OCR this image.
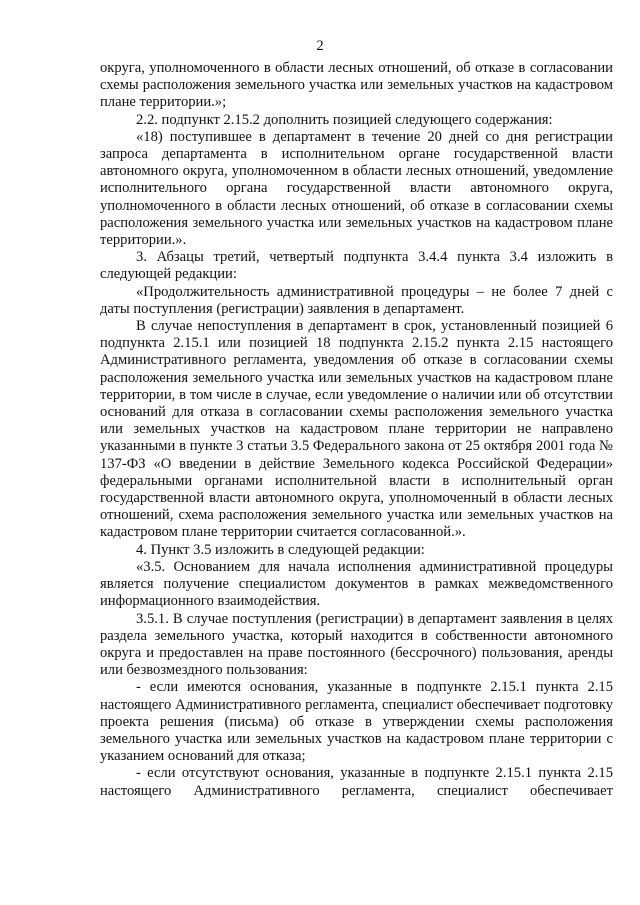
2

округа, уполномоченного в области лесных отношений, об отказе в согласовании схемы расположения земельного участка или земельных участков на кадастровом плане территории.»;

2.2. подпункт 2.15.2 дополнить позицией следующего содержания:

«18) поступившее в департамент в течение 20 дней со дня регистрации запроса департамента в исполнительном органе государственной власти автономного округа, уполномоченном в области лесных отношений, уведомление исполнительного органа государственной власти автономного округа, уполномоченного в области лесных отношений, об отказе в согласовании схемы расположения земельного участка или земельных участков на кадастровом плане территории.».

3. Абзацы третий, четвертый подпункта 3.4.4 пункта 3.4 изложить в следующей редакции:

«Продолжительность административной процедуры – не более 7 дней с даты поступления (регистрации) заявления в департамент.

В случае непоступления в департамент в срок, установленный позицией 6 подпункта 2.15.1 или позицией 18 подпункта 2.15.2 пункта 2.15 настоящего Административного регламента, уведомления об отказе в согласовании схемы расположения земельного участка или земельных участков на кадастровом плане территории, в том числе в случае, если уведомление о наличии или об отсутствии оснований для отказа в согласовании схемы расположения земельного участка или земельных участков на кадастровом плане территории не направлено указанными в пункте 3 статьи 3.5 Федерального закона от 25 октября 2001 года № 137-ФЗ «О введении в действие Земельного кодекса Российской Федерации» федеральными органами исполнительной власти в исполнительный орган государственной власти автономного округа, уполномоченный в области лесных отношений, схема расположения земельного участка или земельных участков на кадастровом плане территории считается согласованной.».

4. Пункт 3.5 изложить в следующей редакции:

«3.5. Основанием для начала исполнения административной процедуры является получение специалистом документов в рамках межведомственного информационного взаимодействия.

3.5.1. В случае поступления (регистрации) в департамент заявления в целях раздела земельного участка, который находится в собственности автономного округа и предоставлен на праве постоянного (бессрочного) пользования, аренды или безвозмездного пользования:

- если имеются основания, указанные в подпункте 2.15.1 пункта 2.15 настоящего Административного регламента, специалист обеспечивает подготовку проекта решения (письма) об отказе в утверждении схемы расположения земельного участка или земельных участков на кадастровом плане территории с указанием оснований для отказа;

- если отсутствуют основания, указанные в подпункте 2.15.1 пункта 2.15 настоящего Административного регламента, специалист обеспечивает
